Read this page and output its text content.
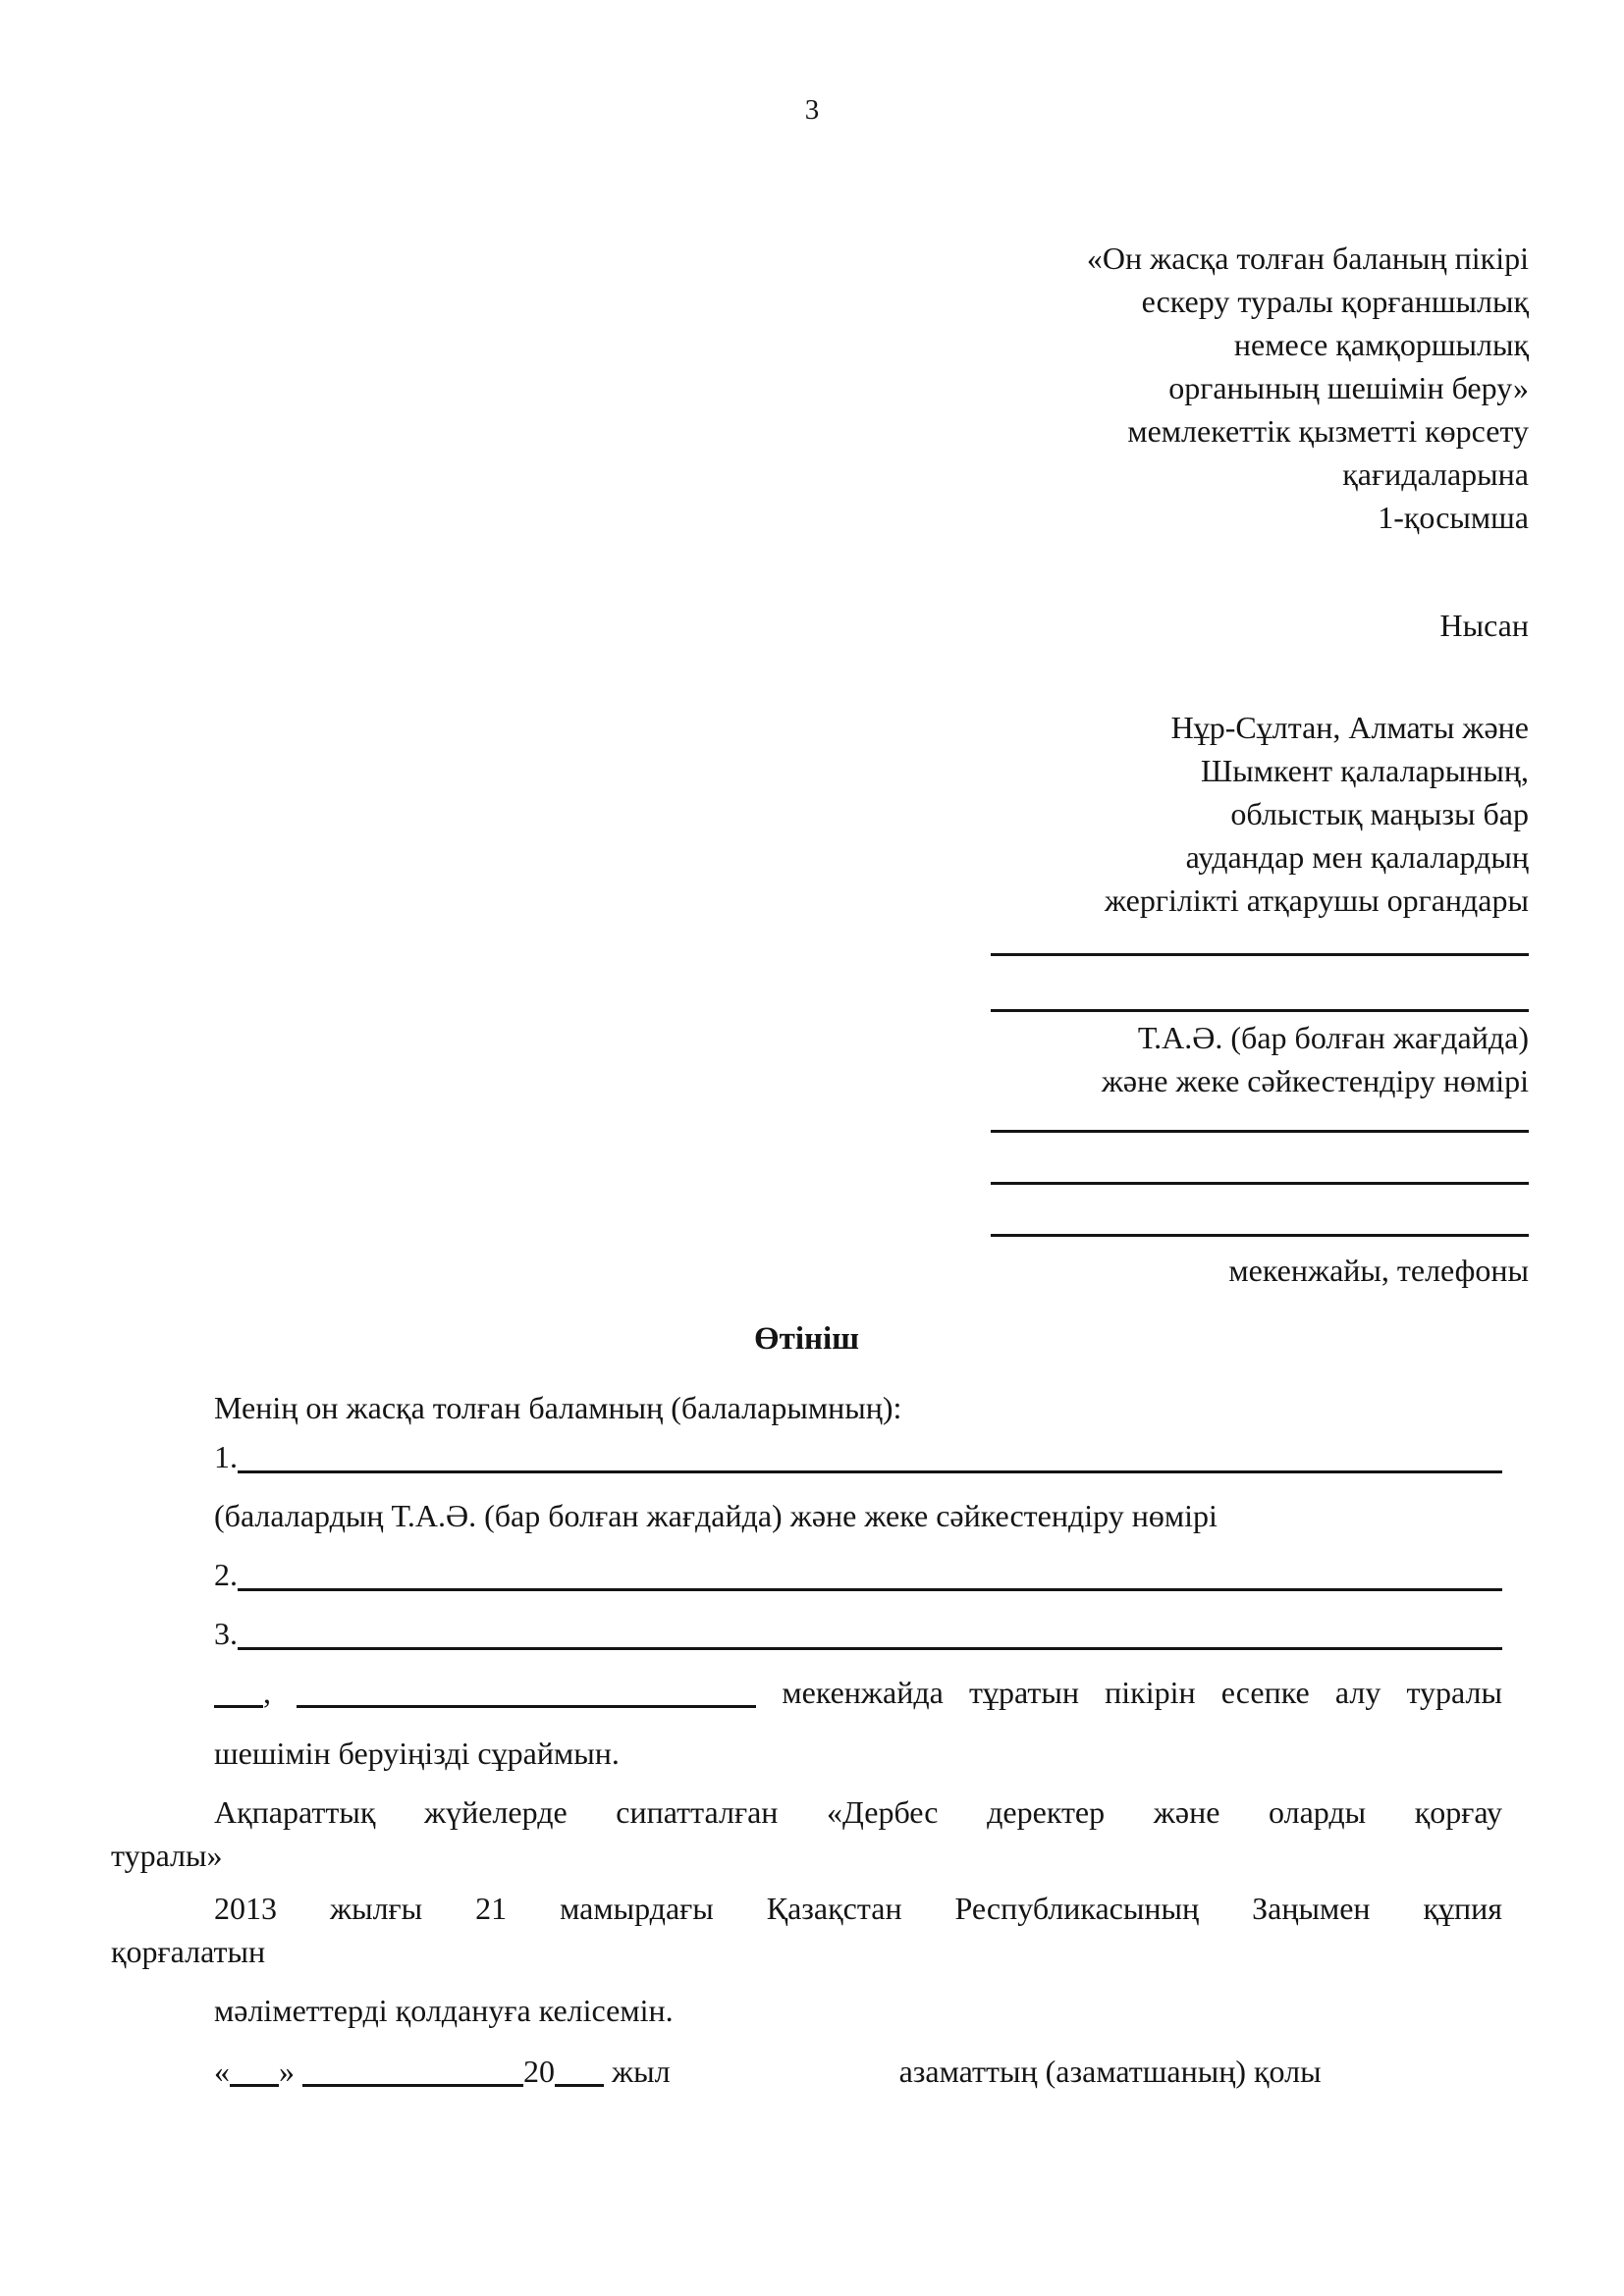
3
«Он жасқа толған баланың пікірі
ескеру туралы қорғаншылық
немесе қамқоршылық
органының шешімін беру»
мемлекеттік қызметті көрсету
қағидаларына
1-қосымша
Нысан
Нұр-Сұлтан, Алматы және
Шымкент қалаларының,
облыстық маңызы бар
аудандар мен қалалардың
жергілікті атқарушы органдары
Т.А.Ә. (бар болған жағдайда)
және жеке сәйкестендіру нөмірі
мекенжайы, телефоны
Өтініш
Менің он жасқа толған баламның (балаларымның):
1.
(балалардың Т.А.Ә. (бар болған жағдайда) және жеке сәйкестендіру нөмірі
2.
3.
,	мекенжайда тұратын пікірін есепке алу туралы
шешімін беруіңізді сұраймын.
Ақпараттық жүйелерде сипатталған «Дербес деректер және оларды қорғау
туралы»
2013 жылғы 21 мамырдағы Қазақстан Республикасының Заңымен құпия
қорғалатын
мәліметтерді қолдануға келісемін.
« »	20 жыл	азаматтың (азаматшаның) қолы
